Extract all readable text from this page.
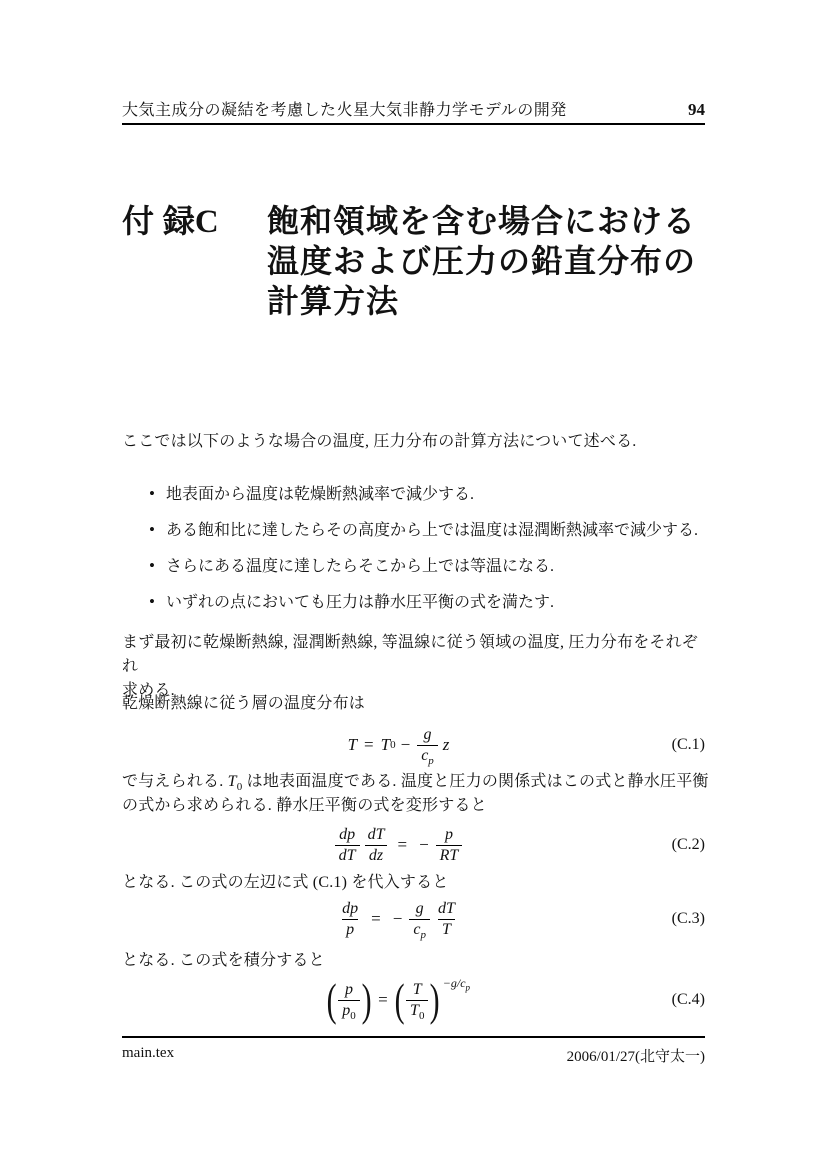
大気主成分の凝結を考慮した火星大気非静力学モデルの開発	94
付 録C	飽和領域を含む場合における
温度および圧力の鉛直分布の
計算方法
ここでは以下のような場合の温度, 圧力分布の計算方法について述べる.
• 地表面から温度は乾燥断熱減率で減少する.
• ある飽和比に達したらその高度から上では温度は湿潤断熱減率で減少する.
• さらにある温度に達したらそこから上では等温になる.
• いずれの点においても圧力は静水圧平衡の式を満たす.
まず最初に乾燥断熱線, 湿潤断熱線, 等温線に従う領域の温度, 圧力分布をそれぞれ
求める.
乾燥断熱線に従う層の温度分布は
T = T $0 - \frac{g}{c_p}$ z	(C.1)
で与えられる. $T_0$ は地表面温度である. 温度と圧力の関係式はこの式と静水圧平衡
の式から求められる. 静水圧平衡の式を変形すると
$\frac{dp}{dT} \frac{dT}{dz}$ = − $\frac{p}{RT}$	(C.2)
となる. この式の左辺に式 (C.1) を代入すると
$\frac{dp}{p}$ = − $\frac{g}{c_p} \frac{dT}{T}$	(C.3)
となる. この式を積分すると
( $\frac{p}{p_0}$ ) = ( $\frac{T}{T_0}$ ) $-g/c_p$
(C.4)
main.tex	2006/01/27(北守太一)
